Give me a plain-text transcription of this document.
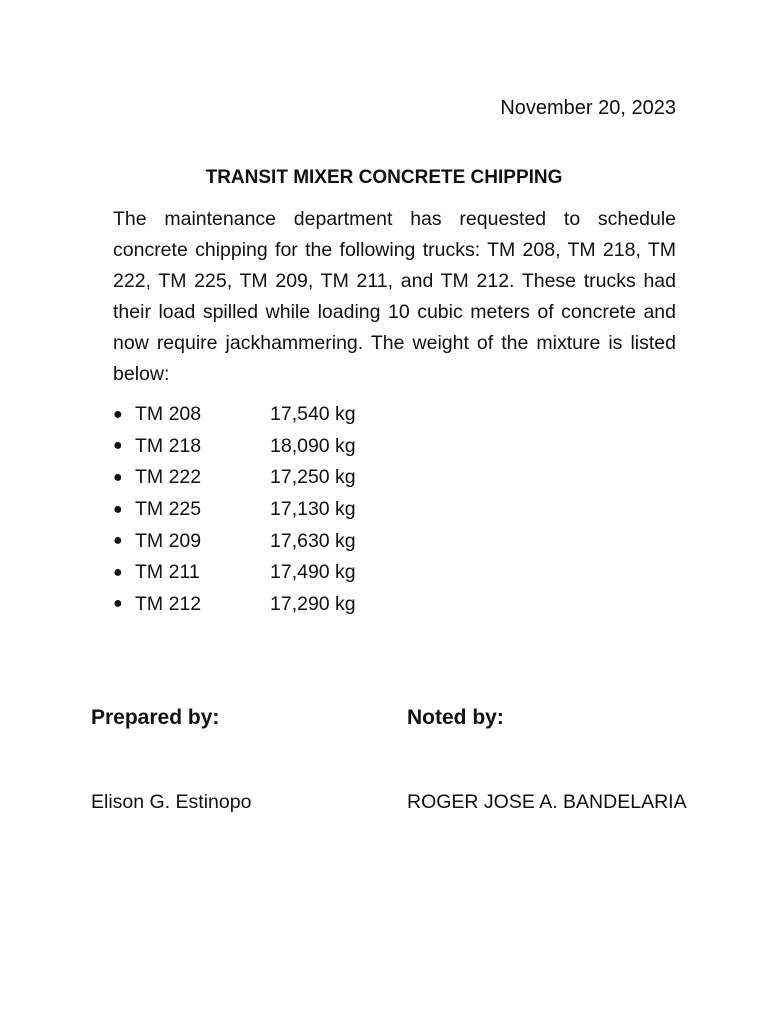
November 20, 2023
TRANSIT MIXER CONCRETE CHIPPING

The maintenance department has requested to schedule concrete chipping for the following trucks: TM 208, TM 218, TM 222, TM 225, TM 209, TM 211, and TM 212. These trucks had their load spilled while loading 10 cubic meters of concrete and now require jackhammering. The weight of the mixture is listed below:

● TM 208	17,540 kg
● TM 218	18,090 kg
● TM 222	17,250 kg
● TM 225	17,130 kg
● TM 209	17,630 kg
● TM 211	17,490 kg
● TM 212	17,290 kg
Prepared by:	Noted by:
Elison G. Estinopo	ROGER JOSE A. BANDELARIA
